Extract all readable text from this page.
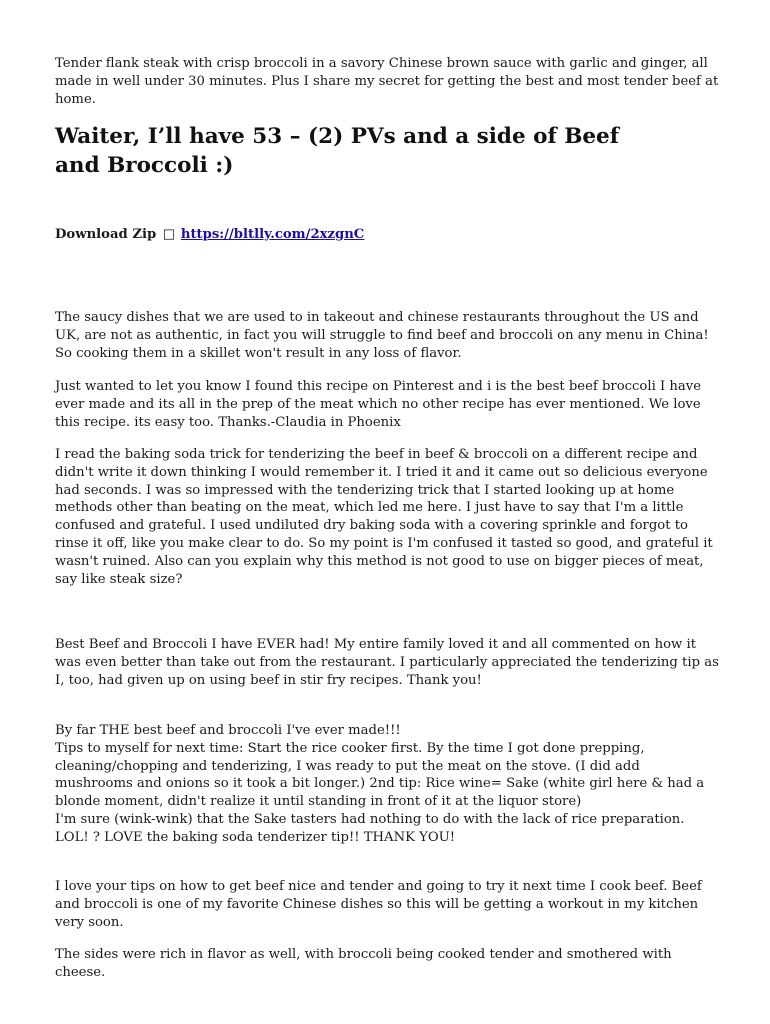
Tender flank steak with crisp broccoli in a savory Chinese brown sauce with garlic and ginger, all made in well under 30 minutes. Plus I share my secret for getting the best and most tender beef at home.

Waiter, I’ll have 53 – (2) PVs and a side of Beef and Broccoli :)

Download Zip □ https://bltlly.com/2xzgnC

The saucy dishes that we are used to in takeout and chinese restaurants throughout the US and UK, are not as authentic, in fact you will struggle to find beef and broccoli on any menu in China! So cooking them in a skillet won't result in any loss of flavor.

Just wanted to let you know I found this recipe on Pinterest and i is the best beef broccoli I have ever made and its all in the prep of the meat which no other recipe has ever mentioned. We love this recipe. its easy too. Thanks.-Claudia in Phoenix

I read the baking soda trick for tenderizing the beef in beef & broccoli on a different recipe and didn't write it down thinking I would remember it. I tried it and it came out so delicious everyone had seconds. I was so impressed with the tenderizing trick that I started looking up at home methods other than beating on the meat, which led me here. I just have to say that I'm a little confused and grateful. I used undiluted dry baking soda with a covering sprinkle and forgot to rinse it off, like you make clear to do. So my point is I'm confused it tasted so good, and grateful it wasn't ruined. Also can you explain why this method is not good to use on bigger pieces of meat, say like steak size?

Best Beef and Broccoli I have EVER had! My entire family loved it and all commented on how it was even better than take out from the restaurant. I particularly appreciated the tenderizing tip as I, too, had given up on using beef in stir fry recipes. Thank you!

By far THE best beef and broccoli I've ever made!!!
Tips to myself for next time: Start the rice cooker first. By the time I got done prepping, cleaning/chopping and tenderizing, I was ready to put the meat on the stove. (I did add mushrooms and onions so it took a bit longer.) 2nd tip: Rice wine= Sake (white girl here & had a blonde moment, didn't realize it until standing in front of it at the liquor store)
I'm sure (wink-wink) that the Sake tasters had nothing to do with the lack of rice preparation. LOL! ? LOVE the baking soda tenderizer tip!! THANK YOU!

I love your tips on how to get beef nice and tender and going to try it next time I cook beef. Beef and broccoli is one of my favorite Chinese dishes so this will be getting a workout in my kitchen very soon.

The sides were rich in flavor as well, with broccoli being cooked tender and smothered with cheese.
